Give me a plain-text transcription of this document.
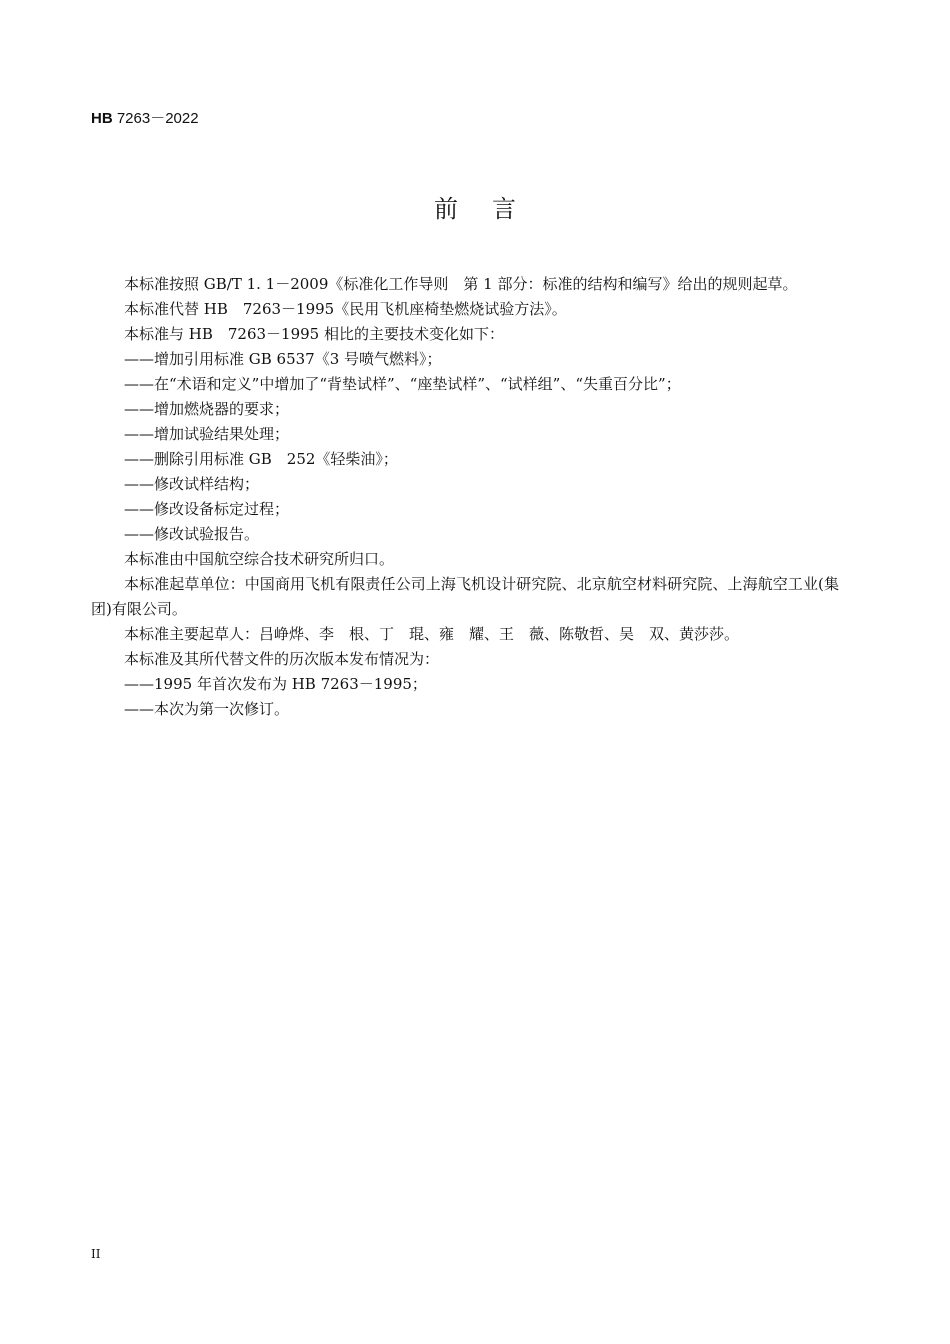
HB 7263－2022
前言

本标准按照 GB/T 1. 1－2009《标准化工作导则　第 1 部分：标准的结构和编写》给出的规则起草。

本标准代替 HB　7263－1995《民用飞机座椅垫燃烧试验方法》。

本标准与 HB　7263－1995 相比的主要技术变化如下：

——增加引用标准 GB 6537《3 号喷气燃料》；

——在“术语和定义”中增加了“背垫试样”、“座垫试样”、“试样组”、“失重百分比”；

——增加燃烧器的要求；

——增加试验结果处理；

——删除引用标准 GB　252《轻柴油》；

——修改试样结构；

——修改设备标定过程；

——修改试验报告。

本标准由中国航空综合技术研究所归口。

本标准起草单位：中国商用飞机有限责任公司上海飞机设计研究院、北京航空材料研究院、上海航空工业(集团)有限公司。

本标准主要起草人：吕峥烨、李　根、丁　琨、雍　耀、王　薇、陈敬哲、吴　双、黄莎莎。

本标准及其所代替文件的历次版本发布情况为：

——1995 年首次发布为 HB 7263－1995；

——本次为第一次修订。

II
